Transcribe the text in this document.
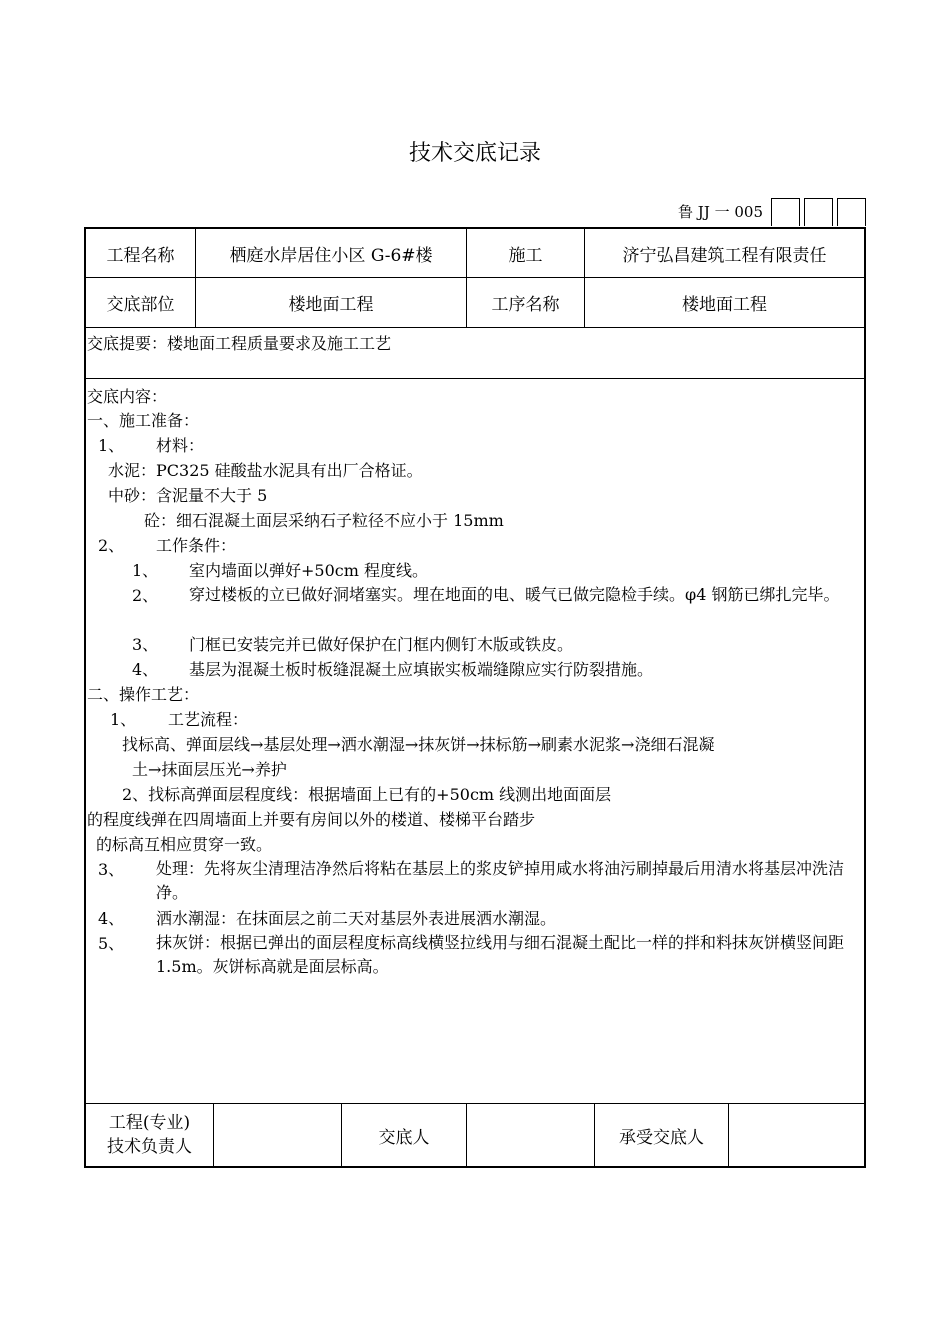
技术交底记录
鲁 JJ 一 005
工程名称	栖庭水岸居住小区 G-6#楼	施工	济宁弘昌建筑工程有限责任
交底部位	楼地面工程	工序名称	楼地面工程
交底提要：楼地面工程质量要求及施工工艺
交底内容：
一、施工准备：
1、 材料：
水泥：PC325 硅酸盐水泥具有出厂合格证。
中砂：含泥量不大于 5
砼：细石混凝土面层采纳石子粒径不应小于 15mm
2、 工作条件：
1、 室内墙面以弹好+50cm 程度线。
2、 穿过楼板的立已做好洞堵塞实。埋在地面的电、暖气已做完隐检手续。φ4 钢筋已绑扎完毕。
3、 门框已安装完并已做好保护在门框内侧钉木版或铁皮。
4、 基层为混凝土板时板缝混凝土应填嵌实板端缝隙应实行防裂措施。
二、操作工艺：
1、 工艺流程：
找标高、弹面层线→基层处理→洒水潮湿→抹灰饼→抹标筋→刷素水泥浆→浇细石混凝
土→抹面层压光→养护
2、找标高弹面层程度线：根据墙面上已有的+50cm 线测出地面面层
的程度线弹在四周墙面上并要有房间以外的楼道、楼梯平台踏步
的标高互相应贯穿一致。
3、 处理：先将灰尘清理洁净然后将粘在基层上的浆皮铲掉用咸水将油污刷掉最后用清水将基层冲洗洁净。
4、 洒水潮湿：在抹面层之前二天对基层外表进展洒水潮湿。
5、 抹灰饼：根据已弹出的面层程度标高线横竖拉线用与细石混凝土配比一样的拌和料抹灰饼横竖间距 1.5m。灰饼标高就是面层标高。
工程(专业)
技术负责人	交底人	承受交底人
